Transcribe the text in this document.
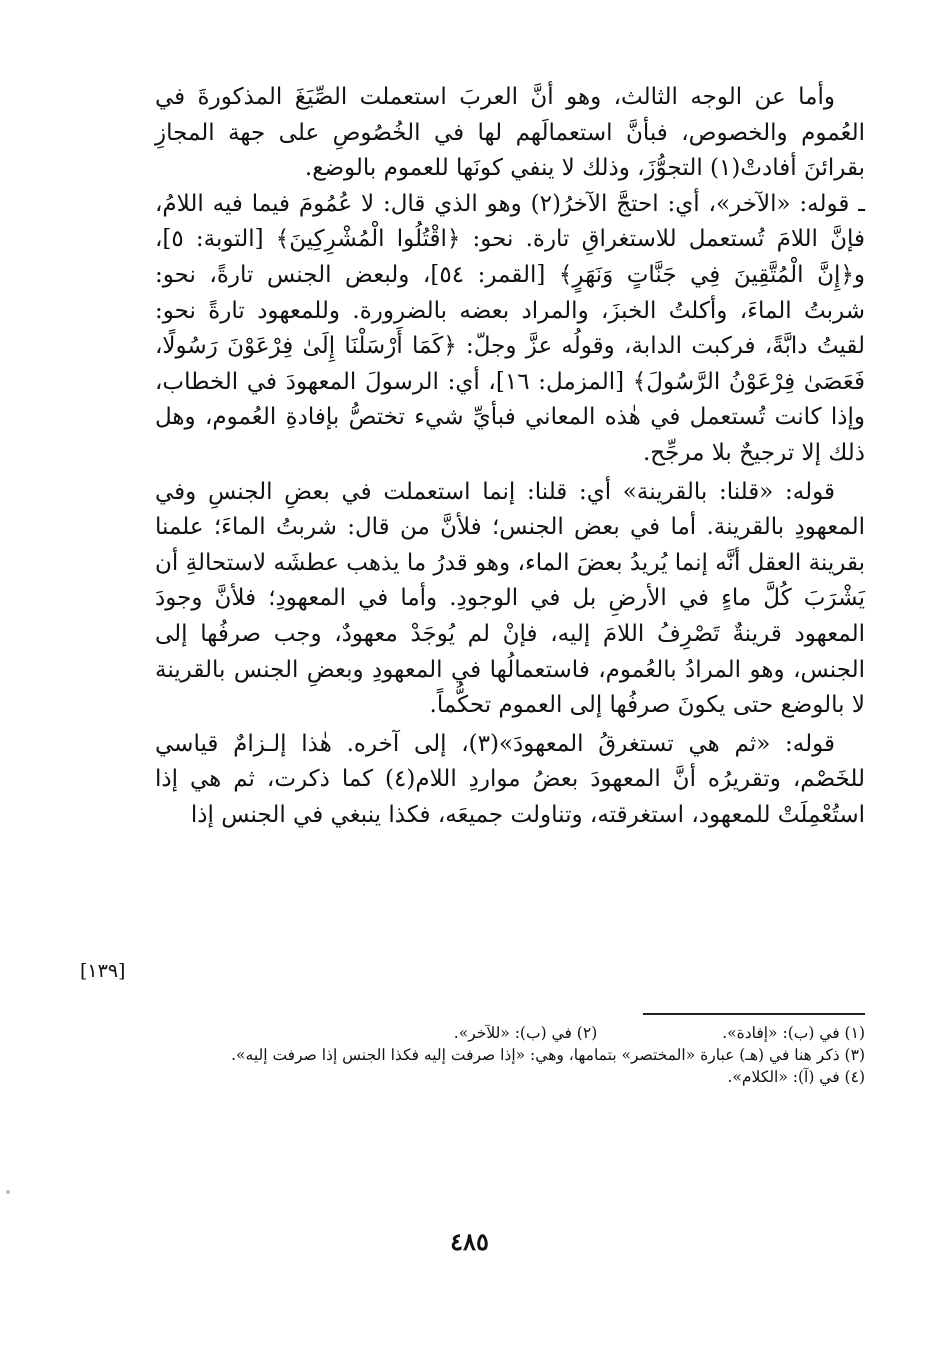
وأما عن الوجه الثالث، وهو أنَّ العربَ استعملت الصِّيَغَ المذكورةَ في العُموم والخصوص، فبأنَّ استعمالَهم لها في الخُصُوصِ على جهة المجازِ بقرائنَ أفادتْ(١) التجوُّزَ، وذلك لا ينفي كونَها للعموم بالوضع.

ـ قوله: «الآخر»، أي: احتجَّ الآخرُ(٢) وهو الذي قال: لا عُمُومَ فيما فيه اللامُ، فإنَّ اللامَ تُستعمل للاستغراقِ تارة. نحو: ﴿اقْتُلُوا الْمُشْرِكِينَ﴾ [التوبة: ٥]، و﴿إِنَّ الْمُتَّقِينَ فِي جَنَّاتٍ وَنَهَرٍ﴾ [القمر: ٥٤]، ولبعض الجنس تارةً، نحو: شربتُ الماءَ، وأكلتُ الخبزَ، والمراد بعضه بالضرورة. وللمعهود تارةً نحو: لقيتُ دابَّةً، فركبت الدابة، وقولُه عزَّ وجلّ: ﴿كَمَا أَرْسَلْنَا إِلَىٰ فِرْعَوْنَ رَسُولًا، فَعَصَىٰ فِرْعَوْنُ الرَّسُولَ﴾ [المزمل: ١٦]، أي: الرسولَ المعهودَ في الخطاب، وإذا كانت تُستعمل في هٰذه المعاني فبأيِّ شيء تختصُّ بإفادةِ العُموم، وهل ذلك إلا ترجيحٌ بلا مرجِّح.

قوله: «قلنا: بالقرينة» أي: قلنا: إنما استعملت في بعضِ الجنسِ وفي المعهودِ بالقرينة. أما في بعض الجنس؛ فلأنَّ من قال: شربتُ الماءَ؛ علمنا بقرينة العقل أنَّه إنما يُريدُ بعضَ الماء، وهو قدرُ ما يذهب عطشَه لاستحالةِ أن يَشْرَبَ كُلَّ ماءٍ في الأرضِ بل في الوجودِ. وأما في المعهودِ؛ فلأنَّ وجودَ المعهود قرينةٌ تَصْرِفُ اللامَ إليه، فإنْ لم يُوجَدْ معهودٌ، وجب صرفُها إلى الجنس، وهو المرادُ بالعُموم، فاستعمالُها في المعهودِ وبعضِ الجنس بالقرينة لا بالوضع حتى يكونَ صرفُها إلى العموم تحكُّماً.

قوله: «ثم هي تستغرقُ المعهودَ»(٣)، إلى آخره. هٰذا إلـزامٌ قياسي للخَصْم، وتقريرُه أنَّ المعهودَ بعضُ مواردِ اللام(٤) كما ذكرت، ثم هي إذا استُعْمِلَتْ للمعهود، استغرقته، وتناولت جميعَه، فكذا ينبغي في الجنس إذا

[١٣٩]
(١) في (ب): «إفادة». (٢) في (ب): «للآخر».
(٣) ذكر هنا في (هـ) عبارة «المختصر» بتمامها، وهي: «إذا صرفت إليه فكذا الجنس إذا صرفت إليه».
(٤) في (آ): «الكلام».
٤٨٥
